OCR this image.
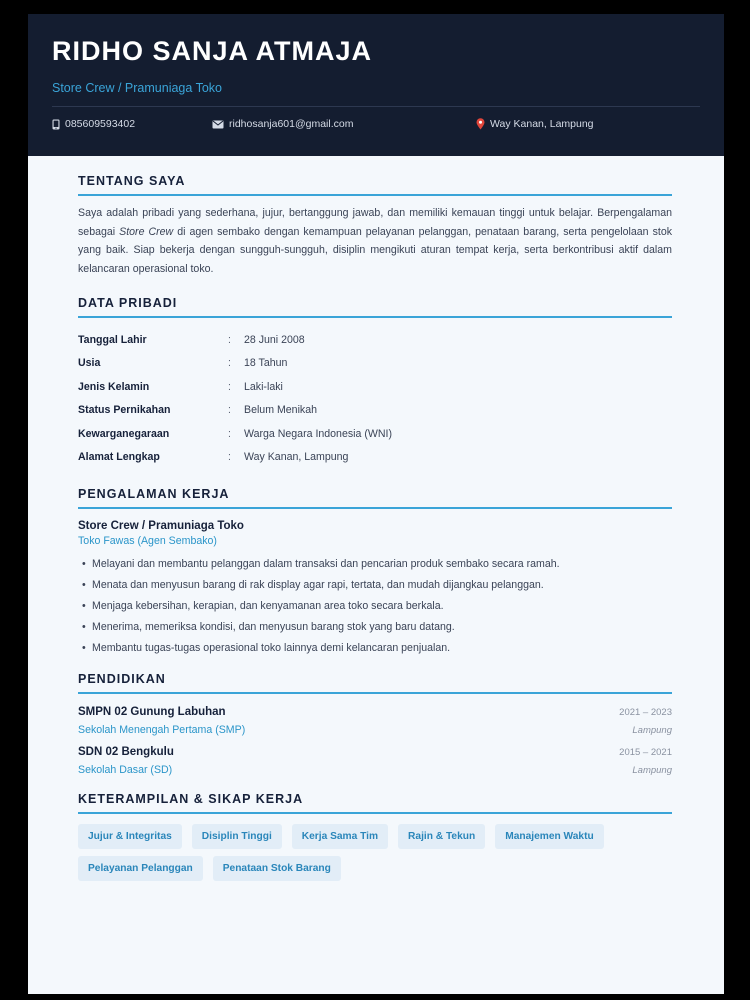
RIDHO SANJA ATMAJA
Store Crew / Pramuniaga Toko
085609593402	ridhosanja601@gmail.com	Way Kanan, Lampung
TENTANG SAYA

Saya adalah pribadi yang sederhana, jujur, bertanggung jawab, dan memiliki kemauan tinggi untuk belajar. Berpengalaman sebagai Store Crew di agen sembako dengan kemampuan pelayanan pelanggan, penataan barang, serta pengelolaan stok yang baik. Siap bekerja dengan sungguh-sungguh, disiplin mengikuti aturan tempat kerja, serta berkontribusi aktif dalam kelancaran operasional toko.

DATA PRIBADI
Tanggal Lahir	:	28 Juni 2008
Usia	:	18 Tahun
Jenis Kelamin	:	Laki-laki
Status Pernikahan	:	Belum Menikah
Kewarganegaraan	:	Warga Negara Indonesia (WNI)
Alamat Lengkap	:	Way Kanan, Lampung
PENGALAMAN KERJA
Store Crew / Pramuniaga Toko
Toko Fawas (Agen Sembako)
• Melayani dan membantu pelanggan dalam transaksi dan pencarian produk sembako secara ramah.
• Menata dan menyusun barang di rak display agar rapi, tertata, dan mudah dijangkau pelanggan.
• Menjaga kebersihan, kerapian, dan kenyamanan area toko secara berkala.
• Menerima, memeriksa kondisi, dan menyusun barang stok yang baru datang.
• Membantu tugas-tugas operasional toko lainnya demi kelancaran penjualan.
PENDIDIKAN
SMPN 02 Gunung Labuhan	2021 – 2023
Sekolah Menengah Pertama (SMP)	Lampung
SDN 02 Bengkulu	2015 – 2021
Sekolah Dasar (SD)	Lampung
KETERAMPILAN & SIKAP KERJA
Jujur & Integritas	Disiplin Tinggi	Kerja Sama Tim	Rajin & Tekun	Manajemen Waktu
Pelayanan Pelanggan	Penataan Stok Barang
